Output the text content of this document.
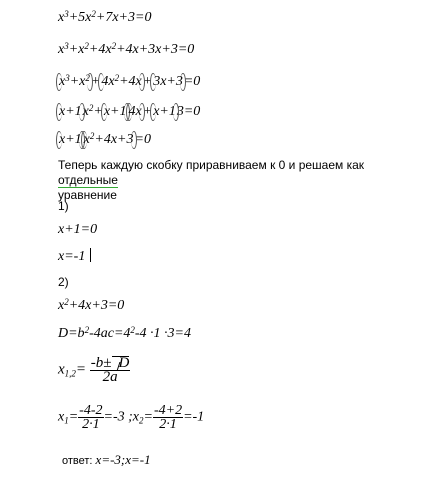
$x^3+5x^2+7x+3=0$
$x^3+x^2+4x^2+4x+3x+3=0$
$x^3+x^2+4x^2+4x+3x+3=0$
$x+1x^2+x+1$ 4x+x+13=0
x+1 $x^2+4x+3=0$
Теперь каждую скобку приравниваем к 0 и решаем как отдельные
уравнение
1)
x+1=0
x=-1
2)
$x^2+4x+3=0$
$D=b^2-4ac=4^2-4 \cdot 1 \cdot 3=4$
$x_{1,2}= \frac{-b\pm D}{2a}$
$x_1= \frac{-4-2}{2\cdot 1} =-3$ $;x_2= \frac{-4+2}{2\cdot 1} =-1$
ответ: x=-3;x=-1
